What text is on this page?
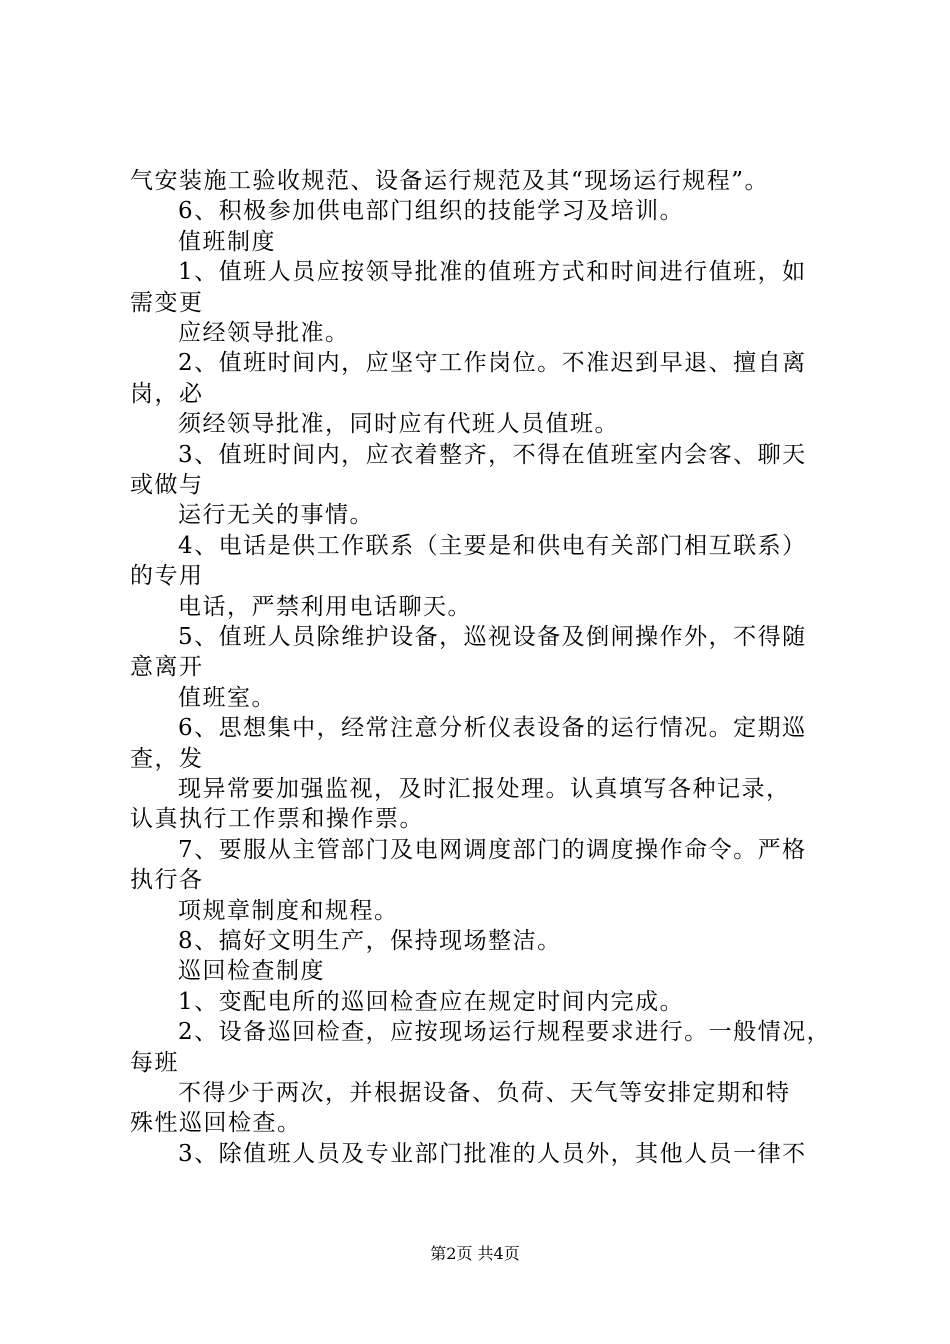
气安装施工验收规范、设备运行规范及其“现场运行规程”。
6、积极参加供电部门组织的技能学习及培训。
值班制度
1、值班人员应按领导批准的值班方式和时间进行值班，如
需变更
应经领导批准。
2、值班时间内，应坚守工作岗位。不准迟到早退、擅自离
岗，必
须经领导批准，同时应有代班人员值班。
3、值班时间内，应衣着整齐，不得在值班室内会客、聊天
或做与
运行无关的事情。
4、电话是供工作联系（主要是和供电有关部门相互联系）
的专用
电话，严禁利用电话聊天。
5、值班人员除维护设备，巡视设备及倒闸操作外，不得随
意离开
值班室。
6、思想集中，经常注意分析仪表设备的运行情况。定期巡
查，发
现异常要加强监视，及时汇报处理。认真填写各种记录，
认真执行工作票和操作票。
7、要服从主管部门及电网调度部门的调度操作命令。严格
执行各
项规章制度和规程。
8、搞好文明生产，保持现场整洁。
巡回检查制度
1、变配电所的巡回检查应在规定时间内完成。
2、设备巡回检查，应按现场运行规程要求进行。一般情况，
每班
不得少于两次，并根据设备、负荷、天气等安排定期和特
殊性巡回检查。
3、除值班人员及专业部门批准的人员外，其他人员一律不
第2页 共4页
